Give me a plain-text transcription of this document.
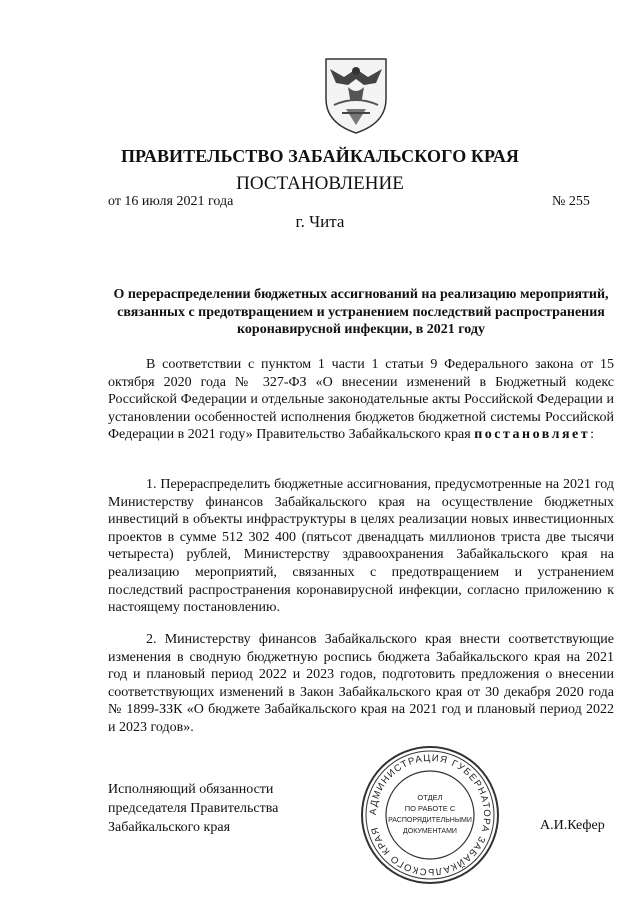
ПРАВИТЕЛЬСТВО ЗАБАЙКАЛЬСКОГО КРАЯ
ПОСТАНОВЛЕНИЕ
от 16 июля 2021 года	№ 255
г. Чита
О перераспределении бюджетных ассигнований на реализацию мероприятий, связанных с предотвращением и устранением последствий распространения коронавирусной инфекции, в 2021 году
В соответствии с пунктом 1 части 1 статьи 9 Федерального закона от 15 октября 2020 года № 327-ФЗ «О внесении изменений в Бюджетный кодекс Российской Федерации и отдельные законодательные акты Российской Федерации и установлении особенностей исполнения бюджетов бюджетной системы Российской Федерации в 2021 году» Правительство Забайкальского края постановляет:
1. Перераспределить бюджетные ассигнования, предусмотренные на 2021 год Министерству финансов Забайкальского края на осуществление бюджетных инвестиций в объекты инфраструктуры в целях реализации новых инвестиционных проектов в сумме 512 302 400 (пятьсот двенадцать миллионов триста две тысячи четыреста) рублей, Министерству здравоохранения Забайкальского края на реализацию мероприятий, связанных с предотвращением и устранением последствий распространения коронавирусной инфекции, согласно приложению к настоящему постановлению.
2. Министерству финансов Забайкальского края внести соответствующие изменения в сводную бюджетную роспись бюджета Забайкальского края на 2021 год и плановый период 2022 и 2023 годов, подготовить предложения о внесении соответствующих изменений в Закон Забайкальского края от 30 декабря 2020 года № 1899-ЗЗК «О бюджете Забайкальского края на 2021 год и плановый период 2022 и 2023 годов».
Исполняющий обязанности
председателя Правительства
Забайкальского края	А.И.Кефер
АДМИНИСТРАЦИЯ ГУБЕРНАТОРА ЗАБАЙКАЛЬСКОГО КРАЯ
ОТДЕЛ
ПО РАБОТЕ С
РАСПОРЯДИТЕЛЬНЫМИ
ДОКУМЕНТАМИ
